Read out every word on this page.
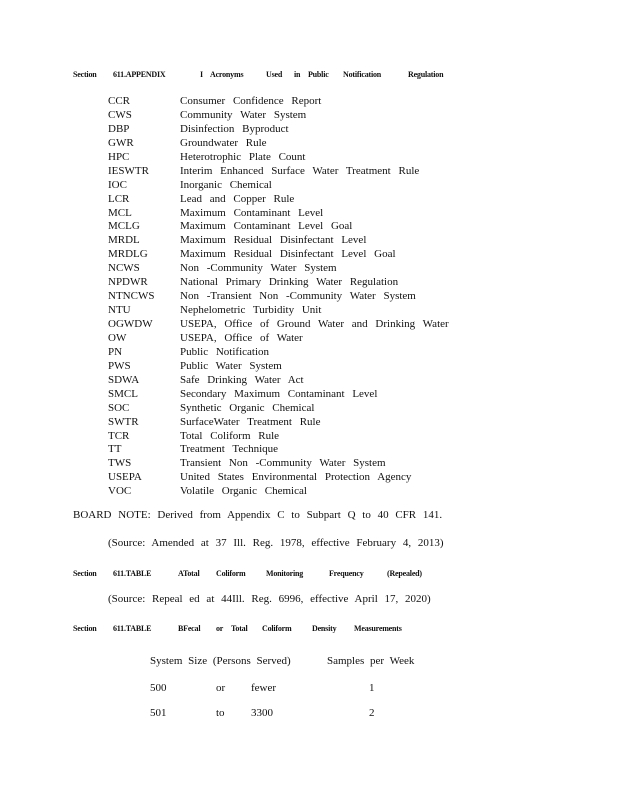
Section 611.APPENDIX	I Acronyms	Used in Public Notification	Regulation
CCR	Consumer Confidence Report
CWS	Community Water System
DBP	Disinfection Byproduct
GWR	Groundwater Rule
HPC	Heterotrophic Plate Count
IESWTR	Interim Enhanced Surface Water Treatment Rule
IOC	Inorganic Chemical
LCR	Lead and Copper Rule
MCL	Maximum Contaminant Level
MCLG	Maximum Contaminant Level Goal
MRDL	Maximum Residual Disinfectant Level
MRDLG	Maximum Residual Disinfectant Level Goal
NCWS	Non -Community Water System
NPDWR	National Primary Drinking Water Regulation
NTNCWS Non -Transient Non -Community Water System
NTU	Nephelometric Turbidity Unit
OGWDW USEPA, Office of Ground Water and Drinking Water
OW	USEPA, Office of Water
PN	Public Notification
PWS	Public Water System
SDWA	Safe Drinking Water Act
SMCL	Secondary Maximum Contaminant Level
SOC	Synthetic Organic Chemical
SWTR	SurfaceWater Treatment Rule
TCR	Total Coliform Rule
TT	Treatment Technique
TWS	Transient Non -Community Water System
USEPA	United States Environmental Protection Agency
VOC	Volatile Organic Chemical
BOARD NOTE: Derived from Appendix C to Subpart Q to 40 CFR 141.
(Source: Amended at 37 Ill. Reg. 1978, effective February 4, 2013)
Section 611.TABLE	ATotal Coliform	Monitoring	Frequency	(Repealed)
(Source: Repeal ed at 44Ill. Reg. 6996, effective April 17, 2020)
Section 611.TABLE	BFecal or Total Coliform	Density Measurements
System Size (Persons Served)	Samples per Week
500	or fewer	1
501	to 3300	2
